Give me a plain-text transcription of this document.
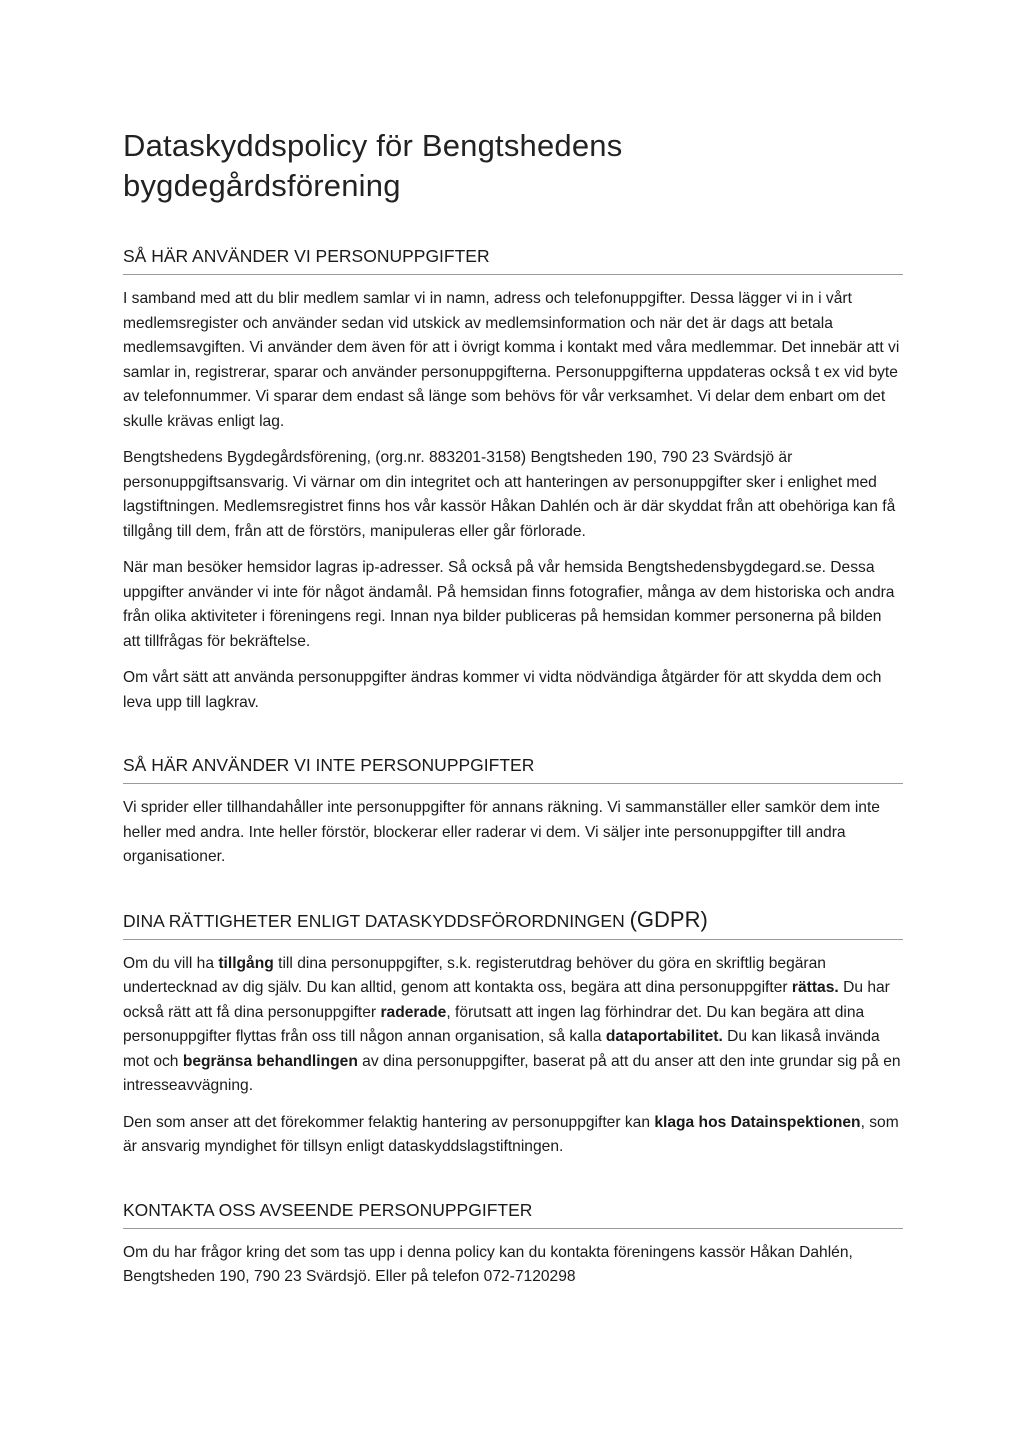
Dataskyddspolicy för Bengtshedens bygdegårdsförening
SÅ HÄR ANVÄNDER VI PERSONUPPGIFTER

I samband med att du blir medlem samlar vi in namn, adress och telefonuppgifter. Dessa lägger vi in i vårt medlemsregister och använder sedan vid utskick av medlemsinformation och när det är dags att betala medlemsavgiften. Vi använder dem även för att i övrigt komma i kontakt med våra medlemmar. Det innebär att vi samlar in, registrerar, sparar och använder personuppgifterna. Personuppgifterna uppdateras också t ex vid byte av telefonnummer. Vi sparar dem endast så länge som behövs för vår verksamhet. Vi delar dem enbart om det skulle krävas enligt lag.

Bengtshedens Bygdegårdsförening, (org.nr. 883201-3158) Bengtsheden 190, 790 23 Svärdsjö är personuppgiftsansvarig. Vi värnar om din integritet och att hanteringen av personuppgifter sker i enlighet med lagstiftningen. Medlemsregistret finns hos vår kassör Håkan Dahlén och är där skyddat från att obehöriga kan få tillgång till dem, från att de förstörs, manipuleras eller går förlorade.

När man besöker hemsidor lagras ip-adresser. Så också på vår hemsida Bengtshedensbygdegard.se. Dessa uppgifter använder vi inte för något ändamål. På hemsidan finns fotografier, många av dem historiska och andra från olika aktiviteter i föreningens regi. Innan nya bilder publiceras på hemsidan kommer personerna på bilden att tillfrågas för bekräftelse.

Om vårt sätt att använda personuppgifter ändras kommer vi vidta nödvändiga åtgärder för att skydda dem och leva upp till lagkrav.

SÅ HÄR ANVÄNDER VI INTE PERSONUPPGIFTER

Vi sprider eller tillhandahåller inte personuppgifter för annans räkning. Vi sammanställer eller samkör dem inte heller med andra. Inte heller förstör, blockerar eller raderar vi dem. Vi säljer inte personuppgifter till andra organisationer.

DINA RÄTTIGHETER ENLIGT DATASKYDDSFÖRORDNINGEN (GDPR)

Om du vill ha tillgång till dina personuppgifter, s.k. registerutdrag behöver du göra en skriftlig begäran undertecknad av dig själv. Du kan alltid, genom att kontakta oss, begära att dina personuppgifter rättas. Du har också rätt att få dina personuppgifter raderade, förutsatt att ingen lag förhindrar det. Du kan begära att dina personuppgifter flyttas från oss till någon annan organisation, så kalla dataportabilitet. Du kan likaså invända mot och begränsa behandlingen av dina personuppgifter, baserat på att du anser att den inte grundar sig på en intresseavvägning.

Den som anser att det förekommer felaktig hantering av personuppgifter kan klaga hos Datainspektionen, som är ansvarig myndighet för tillsyn enligt dataskyddslagstiftningen.

KONTAKTA OSS AVSEENDE PERSONUPPGIFTER

Om du har frågor kring det som tas upp i denna policy kan du kontakta föreningens kassör Håkan Dahlén, Bengtsheden 190, 790 23 Svärdsjö. Eller på telefon 072-7120298
